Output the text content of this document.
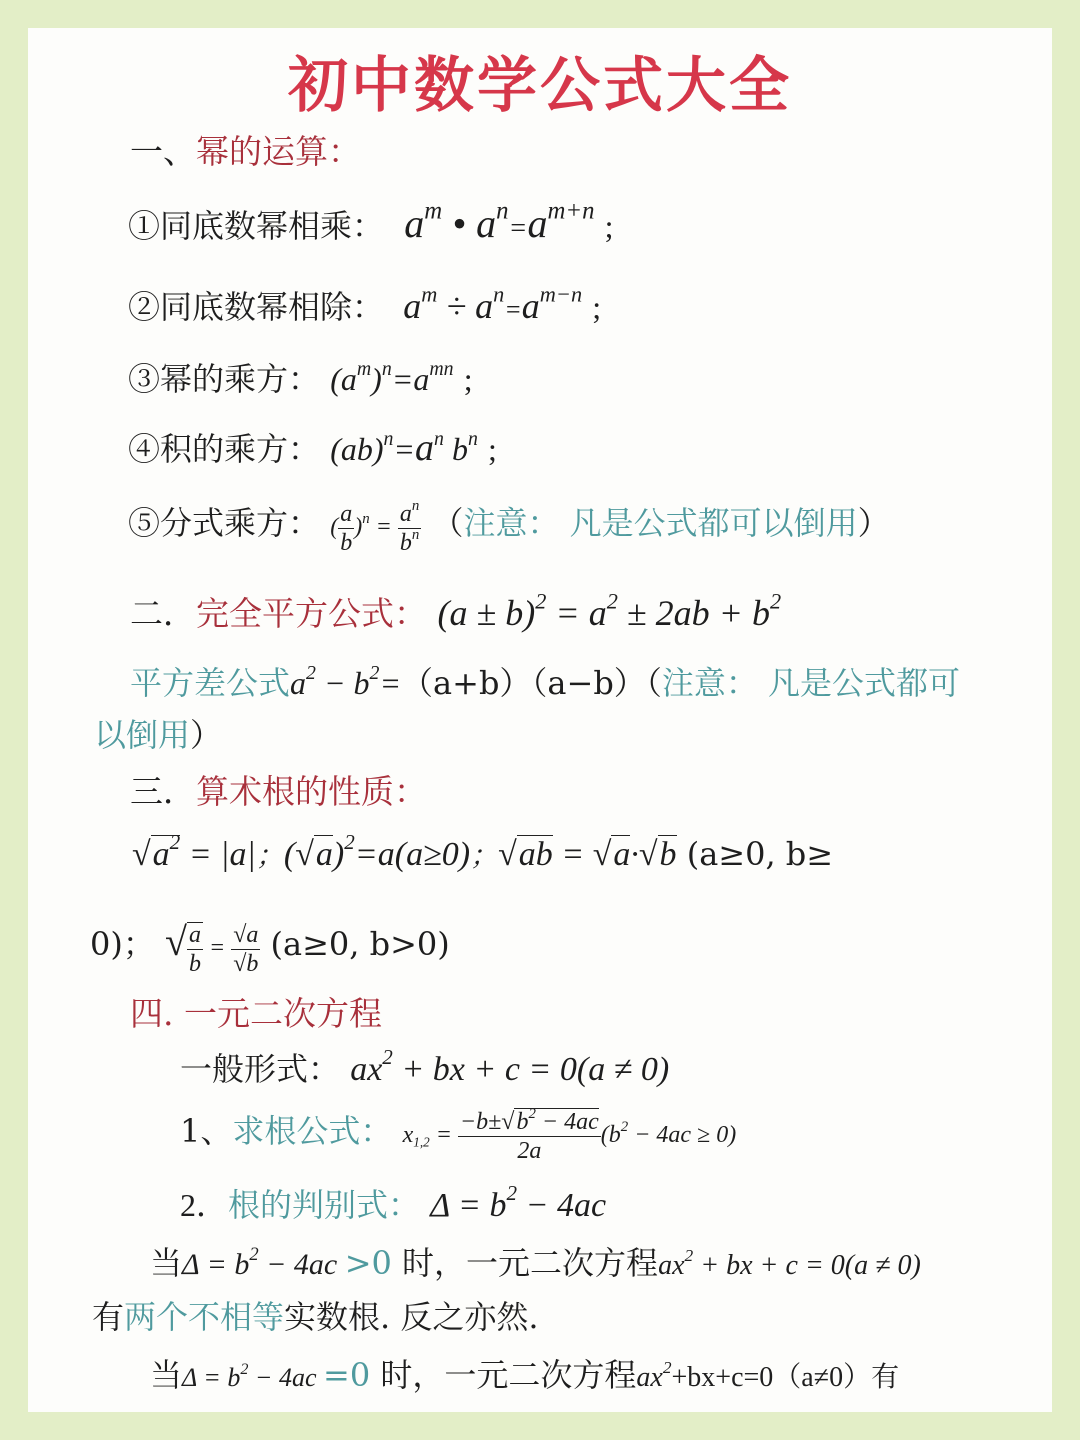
初中数学公式大全
一、幂的运算：
①同底数幂相乘：  $a^m$ • $a^n=a^{m+n}$ ;
②同底数幂相除：  $a^m \div a^n=a^{m-n}$ ;
③幂的乘方： $(a^m)^n=a^{mn}$ ;
④积的乘方： $(ab)^n=a^n$ $b^n$ ;
⑤分式乘方： ( $\frac{a}{b} )^n = \frac{a^n}{b^n}$ （注意： 凡是公式都可以倒用）
二．完全平方公式： $(a \pm b)^2 = a^2 \pm 2ab + b^2$
平方差公式$a^2 - b^2=(a+b)(a-b)$（注意： 凡是公式都可
以倒用）
三．算术根的性质：
$√a^2 = |a|$；$(√a)^2=a(a\ge 0)$；√ab = √a·√b (a≥0, b≥
0)； √ $\frac{a}{b} = \frac{√a}{√b} (a\ge 0$, b>0)
四. 一元二次方程
一般形式： $ax^2$ + bx + c = 0(a ≠ 0)
1、求根公式： $x_{1,2} = \frac{-b\pm√b^2 - 4ac}{2a} (b^2 - 4ac \ge 0)$
2．根的判别式： $\Delta = b^2 - 4ac$
当$\Delta = b^2 - 4ac >0$ 时，一元二次方程$ax^2$ + bx + c = 0(a ≠ 0)
有两个不相等实数根. 反之亦然.
当$\Delta = b^2 - 4ac =0$ 时，一元二次方程$ax^2+bx+c=0(a\ne 0)$有
